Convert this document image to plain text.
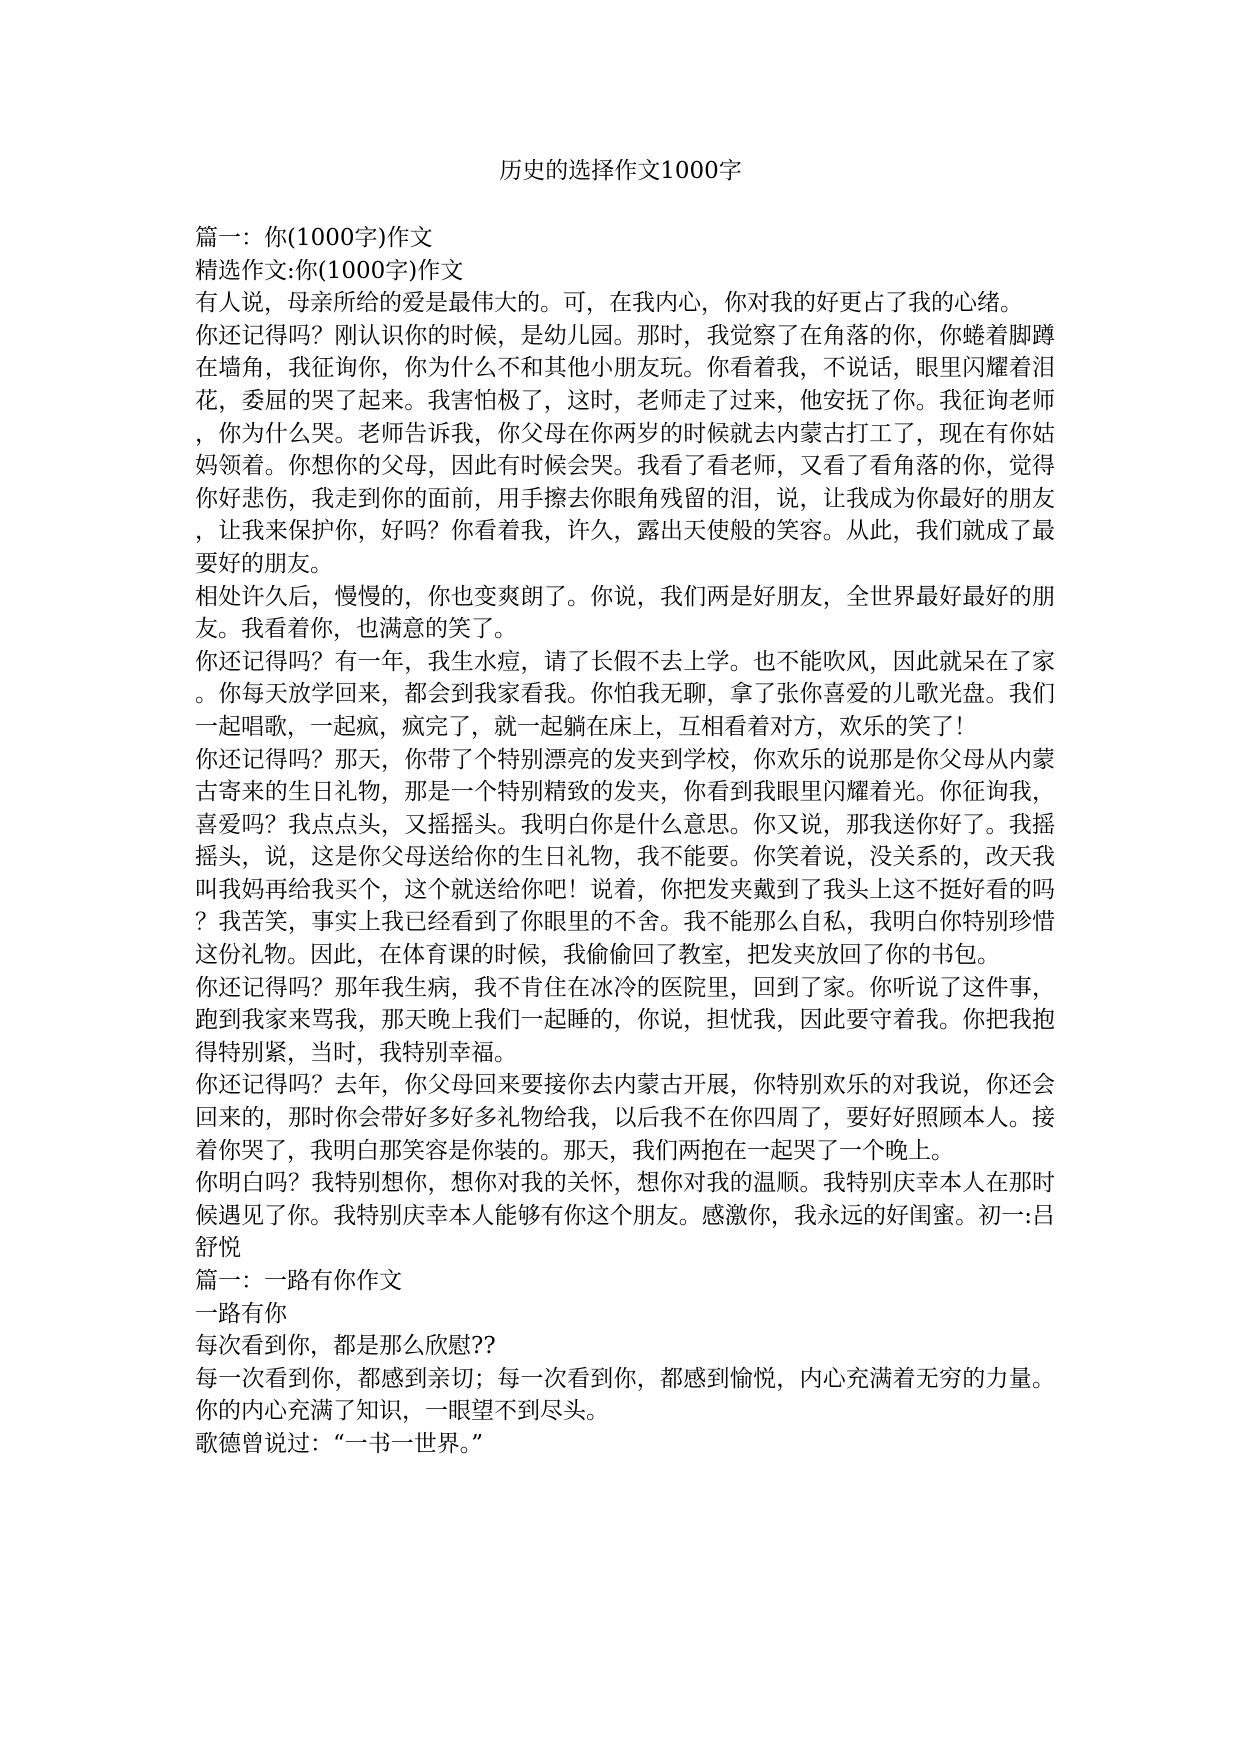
历史的选择作文1000字

篇一：你(1000字)作文

精选作文:你(1000字)作文

有人说，母亲所给的爱是最伟大的。可，在我内心，你对我的好更占了我的心绪。

你还记得吗？刚认识你的时候，是幼儿园。那时，我觉察了在角落的你，你蜷着脚蹲在墙角，我征询你，你为什么不和其他小朋友玩。你看着我，不说话，眼里闪耀着泪花，委屈的哭了起来。我害怕极了，这时，老师走了过来，他安抚了你。我征询老师，你为什么哭。老师告诉我，你父母在你两岁的时候就去内蒙古打工了，现在有你姑妈领着。你想你的父母，因此有时候会哭。我看了看老师，又看了看角落的你，觉得你好悲伤，我走到你的面前，用手擦去你眼角残留的泪，说，让我成为你最好的朋友，让我来保护你，好吗？你看着我，许久，露出天使般的笑容。从此，我们就成了最要好的朋友。

相处许久后，慢慢的，你也变爽朗了。你说，我们两是好朋友，全世界最好最好的朋友。我看着你，也满意的笑了。

你还记得吗？有一年，我生水痘，请了长假不去上学。也不能吹风，因此就呆在了家。你每天放学回来，都会到我家看我。你怕我无聊，拿了张你喜爱的儿歌光盘。我们一起唱歌，一起疯，疯完了，就一起躺在床上，互相看着对方，欢乐的笑了！

你还记得吗？那天，你带了个特别漂亮的发夹到学校，你欢乐的说那是你父母从内蒙古寄来的生日礼物，那是一个特别精致的发夹，你看到我眼里闪耀着光。你征询我，喜爱吗？我点点头，又摇摇头。我明白你是什么意思。你又说，那我送你好了。我摇摇头，说，这是你父母送给你的生日礼物，我不能要。你笑着说，没关系的，改天我叫我妈再给我买个，这个就送给你吧！说着，你把发夹戴到了我头上这不挺好看的吗？我苦笑，事实上我已经看到了你眼里的不舍。我不能那么自私，我明白你特别珍惜这份礼物。因此，在体育课的时候，我偷偷回了教室，把发夹放回了你的书包。

你还记得吗？那年我生病，我不肯住在冰冷的医院里，回到了家。你听说了这件事，跑到我家来骂我，那天晚上我们一起睡的，你说，担忧我，因此要守着我。你把我抱得特别紧，当时，我特别幸福。

你还记得吗？去年，你父母回来要接你去内蒙古开展，你特别欢乐的对我说，你还会回来的，那时你会带好多好多礼物给我，以后我不在你四周了，要好好照顾本人。接着你哭了，我明白那笑容是你装的。那天，我们两抱在一起哭了一个晚上。

你明白吗？我特别想你，想你对我的关怀，想你对我的温顺。我特别庆幸本人在那时候遇见了你。我特别庆幸本人能够有你这个朋友。感激你，我永远的好闺蜜。初一:吕舒悦

篇一：一路有你作文

一路有你

每次看到你，都是那么欣慰??

每一次看到你，都感到亲切；每一次看到你，都感到愉悦，内心充满着无穷的力量。你的内心充满了知识，一眼望不到尽头。

歌德曾说过：“一书一世界。”
